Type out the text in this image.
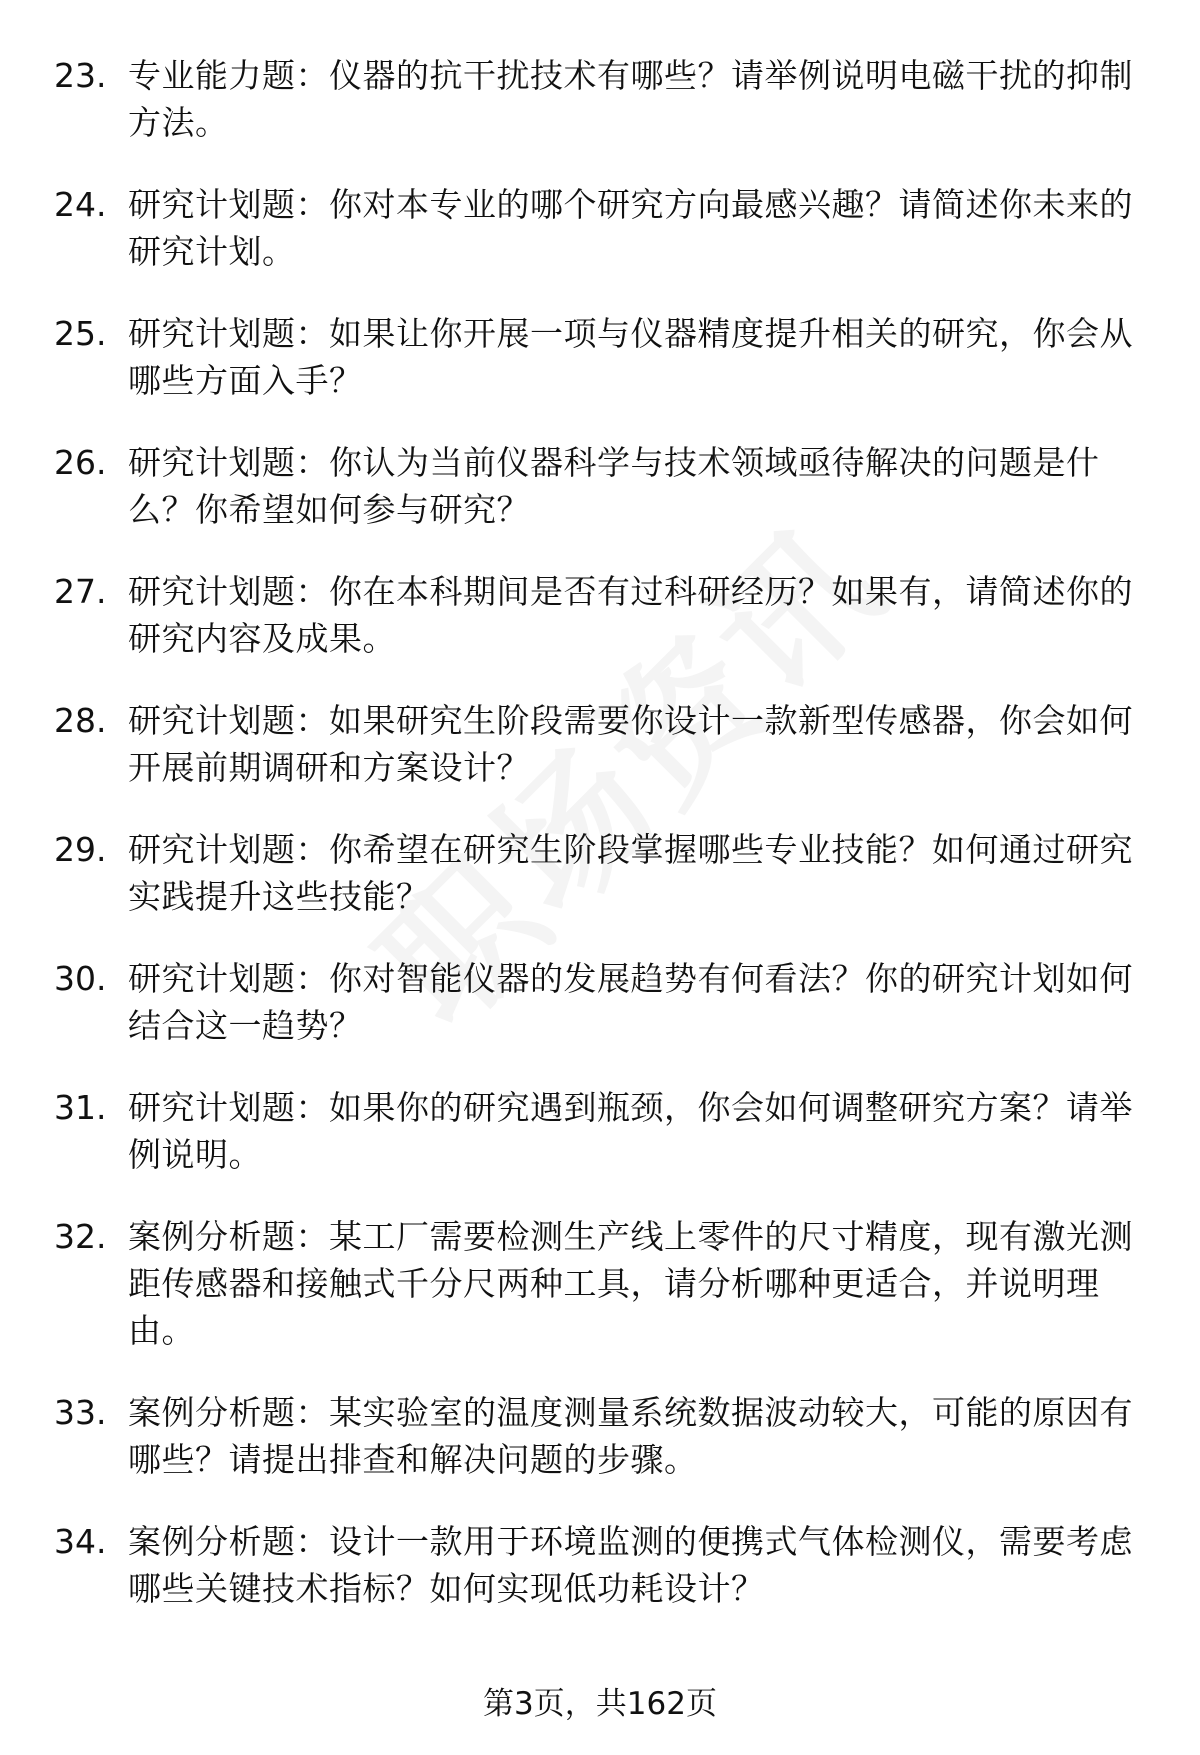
23. 专业能力题：仪器的抗干扰技术有哪些？请举例说明电磁干扰的抑制方法。
24. 研究计划题：你对本专业的哪个研究方向最感兴趣？请简述你未来的研究计划。
25. 研究计划题：如果让你开展一项与仪器精度提升相关的研究，你会从哪些方面入手？
26. 研究计划题：你认为当前仪器科学与技术领域亟待解决的问题是什么？你希望如何参与研究？
27. 研究计划题：你在本科期间是否有过科研经历？如果有，请简述你的研究内容及成果。
28. 研究计划题：如果研究生阶段需要你设计一款新型传感器，你会如何开展前期调研和方案设计？
29. 研究计划题：你希望在研究生阶段掌握哪些专业技能？如何通过研究实践提升这些技能？
30. 研究计划题：你对智能仪器的发展趋势有何看法？你的研究计划如何结合这一趋势？
31. 研究计划题：如果你的研究遇到瓶颈，你会如何调整研究方案？请举例说明。
32. 案例分析题：某工厂需要检测生产线上零件的尺寸精度，现有激光测距传感器和接触式千分尺两种工具，请分析哪种更适合，并说明理由。
33. 案例分析题：某实验室的温度测量系统数据波动较大，可能的原因有哪些？请提出排查和解决问题的步骤。
34. 案例分析题：设计一款用于环境监测的便携式气体检测仪，需要考虑哪些关键技术指标？如何实现低功耗设计？
第3页，共162页
